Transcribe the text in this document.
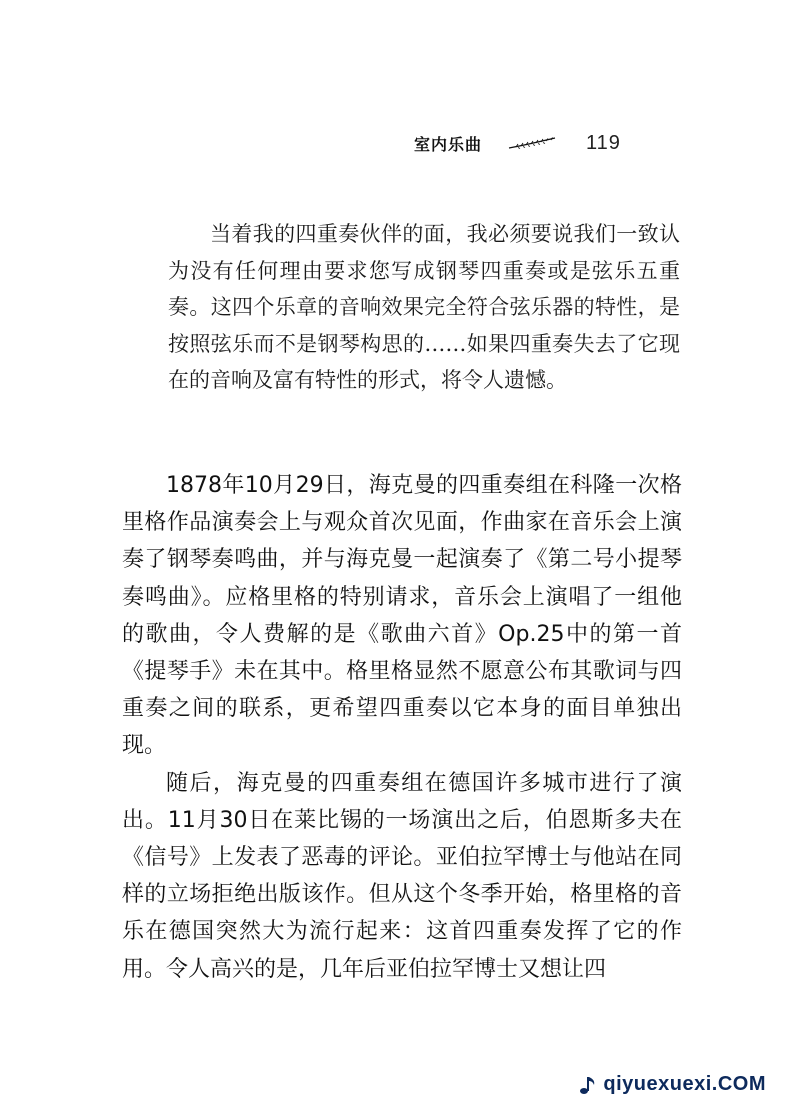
室内乐曲	119
当着我的四重奏伙伴的面，我必须要说我们一致认为没有任何理由要求您写成钢琴四重奏或是弦乐五重奏。这四个乐章的音响效果完全符合弦乐器的特性，是按照弦乐而不是钢琴构思的……如果四重奏失去了它现在的音响及富有特性的形式，将令人遗憾。

1878年10月29日，海克曼的四重奏组在科隆一次格里格作品演奏会上与观众首次见面，作曲家在音乐会上演奏了钢琴奏鸣曲，并与海克曼一起演奏了《第二号小提琴奏鸣曲》。应格里格的特别请求，音乐会上演唱了一组他的歌曲，令人费解的是《歌曲六首》Op.25中的第一首《提琴手》未在其中。格里格显然不愿意公布其歌词与四重奏之间的联系，更希望四重奏以它本身的面目单独出现。

随后，海克曼的四重奏组在德国许多城市进行了演出。11月30日在莱比锡的一场演出之后，伯恩斯多夫在《信号》上发表了恶毒的评论。亚伯拉罕博士与他站在同样的立场拒绝出版该作。但从这个冬季开始，格里格的音乐在德国突然大为流行起来：这首四重奏发挥了它的作用。令人高兴的是，几年后亚伯拉罕博士又想让四

qiyuexuexi.COM
